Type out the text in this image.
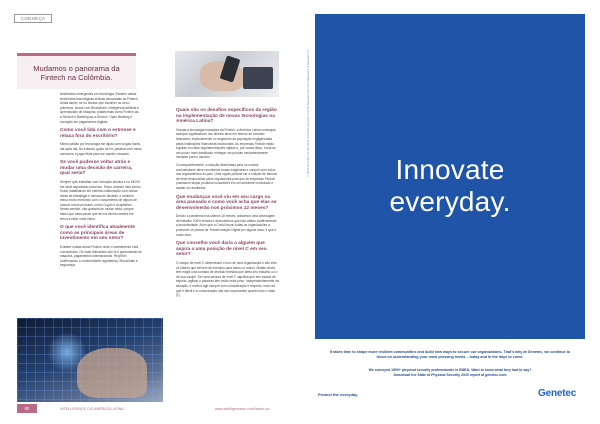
CONHEÇA
Mudamos o panorama da Fintech na Colômbia.

tendências emergentes em tecnologia. Existem várias tendências tecnológicas críticas associadas ao Fintech. Ainda assim, se eu tivesse que escolher os cinco primeiros, ficaria com Blockchain, Inteligência Artificial e Aprendizado de Máquina, plataformas como Fintech-as-a-Service e Banking-as-a-Service, Open Banking e inovação em pagamentos digitais.

Como você lida com o estresse e relaxa fora do escritório?

Minha paixão por tecnologia me ajuda com longas horas, dia após dia. No entanto, gosto de ler, passear com meus cachorros e jogar tênis para me manter relaxado.

Se você pudesse voltar atrás e mudar uma decisão de carreira, qual seria?

Sempre quis trabalhar com inovação técnica e no MOVII me senti capacitado para isso. Estou vivendo meu sonho. Estou trabalhando em estreita colaboração com outras áreas de estratégia e tomada de decisão, e também estou muito envolvido com o lançamento de alguns de nossos novos produtos, como Crypto e Acquisition. Nesse sentido, não gostaria de mudar nada, porque estou que cada passo que dei na minha carreira me levou a estar onde estou.

O que você identifica atualmente como as principais áreas de investimento em seu setor?

Existem muitas áreas Fintech onde o investimento está concentrado. Os mais relevantes são IA e aprendizado de máquina, pagamentos internacionais, RegTech (melhorando a conformidade regulatória), Blockchain e segurança.

Quais são os desafios específicos da região na implementação de novas tecnologias na América Latina?

Graças à tecnologia inovadora da Fintech, a América Latina conseguiu avanços significativos nos últimos anos em termos de inclusão financeira, especialmente no segmento da população negligenciada pelas instituições financeiras tradicionais. As empresas Fintech estão sujeitas a muitas regulamentações rígidas e, por causa disso, torna-se um pouco mais desafiador entregar um produto verdadeiramente inovador para o usuário.

Consequentemente, a solução desenhada para os nossos consumidores deve reconhecer essas exigências e cumprir com todos dos regulamentos do país. Uma opção poderia ser a criação de bancos de teste temporários pelos reguladores para que as empresas Fintech pudessem lançar produtos inovadores em um ambiente controlado e avaliar os resultados.

Que mudanças você viu em seu cargo ou área passado e como você acha que elas se desenvolverão nos próximos 12 meses?

Devido à pandemia nos últimos 18 meses, adotamos uma abordagem de trabalho 100% remota e descobrimos que isso afetou positivamente a produtividade. Acho que a Covid forçou todas as organizações a promover os planos de Transformação Digital por alguns anos, e que é muito bom.

Que conselho você daria a alguém que aspira a uma posição de nível C em seu setor?

O campo de nível C determinam o foco de uma organização e são eles os líderes que servem de exemplo para todos os outros. Muitas vezes, tem exigiti uma tomada de decisão treinada que afeta seu trabalho ou o de sua equipe. Ser uma pessoa de nível C significa que seu estado de espírito, agilizar e palavras têm muito mais peso. Independentemente da situação, é melhor agir sempre com consideração e respeito, uma vez que é difícil e a comunicação não são importantes quanto tudo o mais.[1]

60	INTELLIGENCE CIO AMÉRICA LATINA	www.intelligenceclo.com/latam-cio
©2021 Genetec Inc. All rights reserved. Genetec and the Genetec logo are trademarks of Genetec Inc.	Innovate
everyday.
It takes time to shape more resilient communities and build new ways to secure our organizations. That's why at Genetec, we continue to focus on understanding your most pressing needs – today and in the days to come.
We surveyed 1900+ physical security professionals in EMEA. Want to know what they had to say?
Download the State of Physical Security 2020 report at genetec.com
Protect the everyday.	Genetec
